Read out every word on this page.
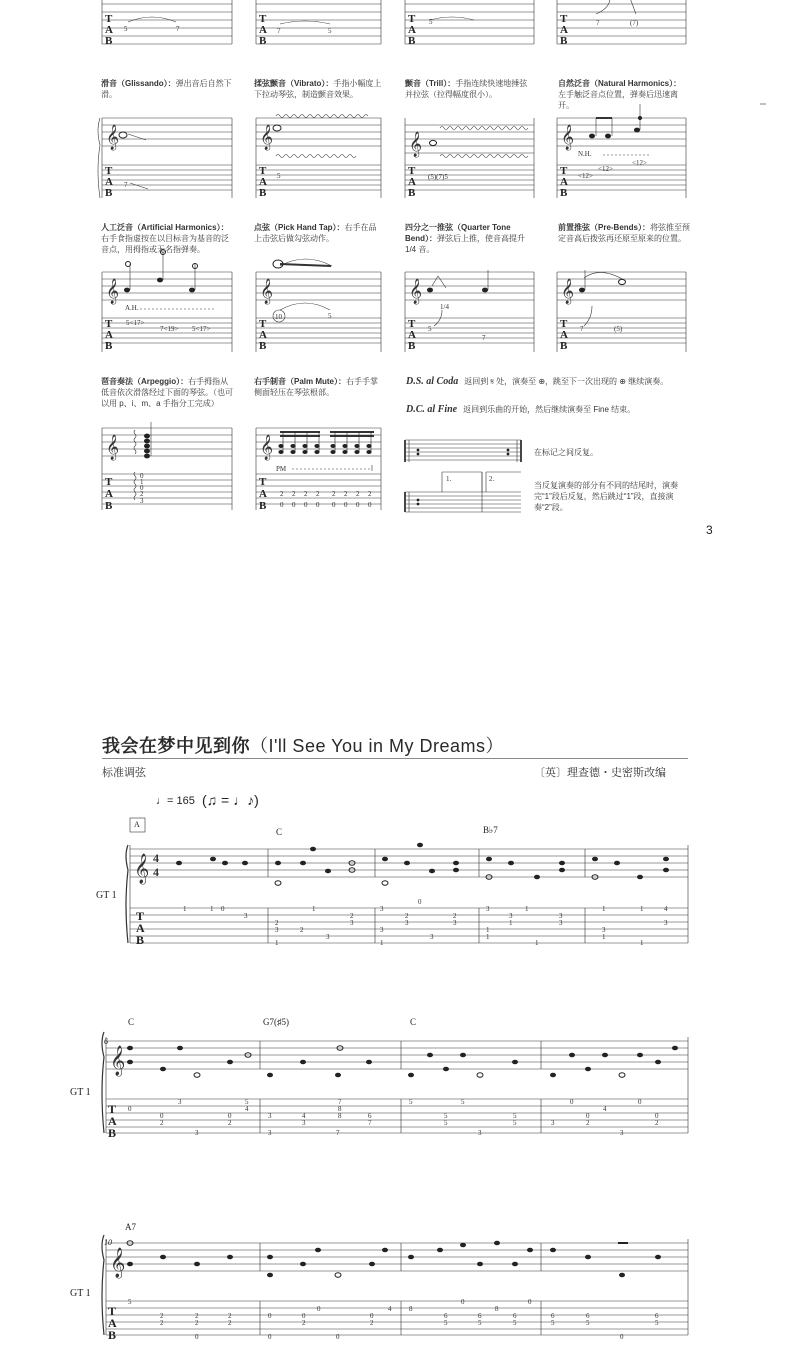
𝄞	𝄞	𝄞	𝄞
𝄞	𝄞	𝄞	𝄞
𝄞	𝄞
T
A
B
T
A
B
T
A
B
T
A
B
T
A
B
T
A
B
T
A
B
T
A
B
T
A
B
T
A
B
T
A
B
T
A
B
T
A
B
T
A
B
5	7	7	5
5	7	(7)
7
5	(5)(7)5
N.H.
<12>
<12>
<12>
A.H.
5<17>
7<19> 5<17>
10	5
1/4
5
7
7	(5)
0
1
0
2
3
PM
2 2 2 2 2 2 2 2
0 0 0 0 0 0 0 0
1.	2.
滑音（Glissando）：弹出音后自然下滑。
揉弦颤音（Vibrato）：手指小幅度上下拉动琴弦，制造颤音效果。
颤音（Trill）：手指连续快速地捶弦并拉弦（拉得幅度很小）。
自然泛音（Natural Harmonics）：左手触泛音点位置，弹奏后迅速离开。
人工泛音（Artificial Harmonics）：右手食指虚按在以目标音为基音的泛音点，用拇指或无名指弹奏。
点弦（Pick Hand Tap）：右手在品上击弦后做勾弦动作。
四分之一推弦（Quarter Tone Bend）：弹弦后上推，使音高提升 1/4 音。
前置推弦（Pre-Bends）：将弦推至预定音高后拨弦再还原至原来的位置。
琶音奏法（Arpeggio）：右手拇指从低音依次滑落经过下面的琴弦。（也可以用 p、i、m、a 手指分工完成）
右手制音（Palm Mute）：右手手掌侧面轻压在琴弦根部。
D.S. al Coda 返回到 𝄋 处，演奏至 ⊕，跳至下一次出现的 ⊕ 继续演奏。
D.C. al Fine 返回到乐曲的开始，然后继续演奏至 Fine 结束。
在标记之间反复。
当反复演奏的部分有不同的结尾时，演奏完“1”段后反复，然后跳过“1”段，直接演奏“2”段。
3
我会在梦中见到你（I'll See You in My Dreams）
标准调弦	〔英〕理查德・史密斯改编
♩= 165 (♫ = ♩♪)
𝄞
𝄞
𝄞
4
4
T
A
B
T
A
B
T
A
B
A
GT 1
C	B♭7
6
GT 1
C	G7(♯5)	C
10
GT 1
A7
1	1 0
3
2
3
1
2
1
3
2
3
3
3
1
2
3
0
3
2
3
3
1
1
3
1
1
1
3
3
1
3
1
1
1
4
3
0
0
3
2
3
0
2
5
4
3
3
4
3
7
7
8
8	6
7
5
5
5
5
3
5
5	3
0
0
2
4
3
0
0
2
5
2
2
2
2
2
2
0
0
0
0
2
0
0
0
2
4	8
6
5
0
6
5
8
6
5
0
6
5
6
5
0
6
5
